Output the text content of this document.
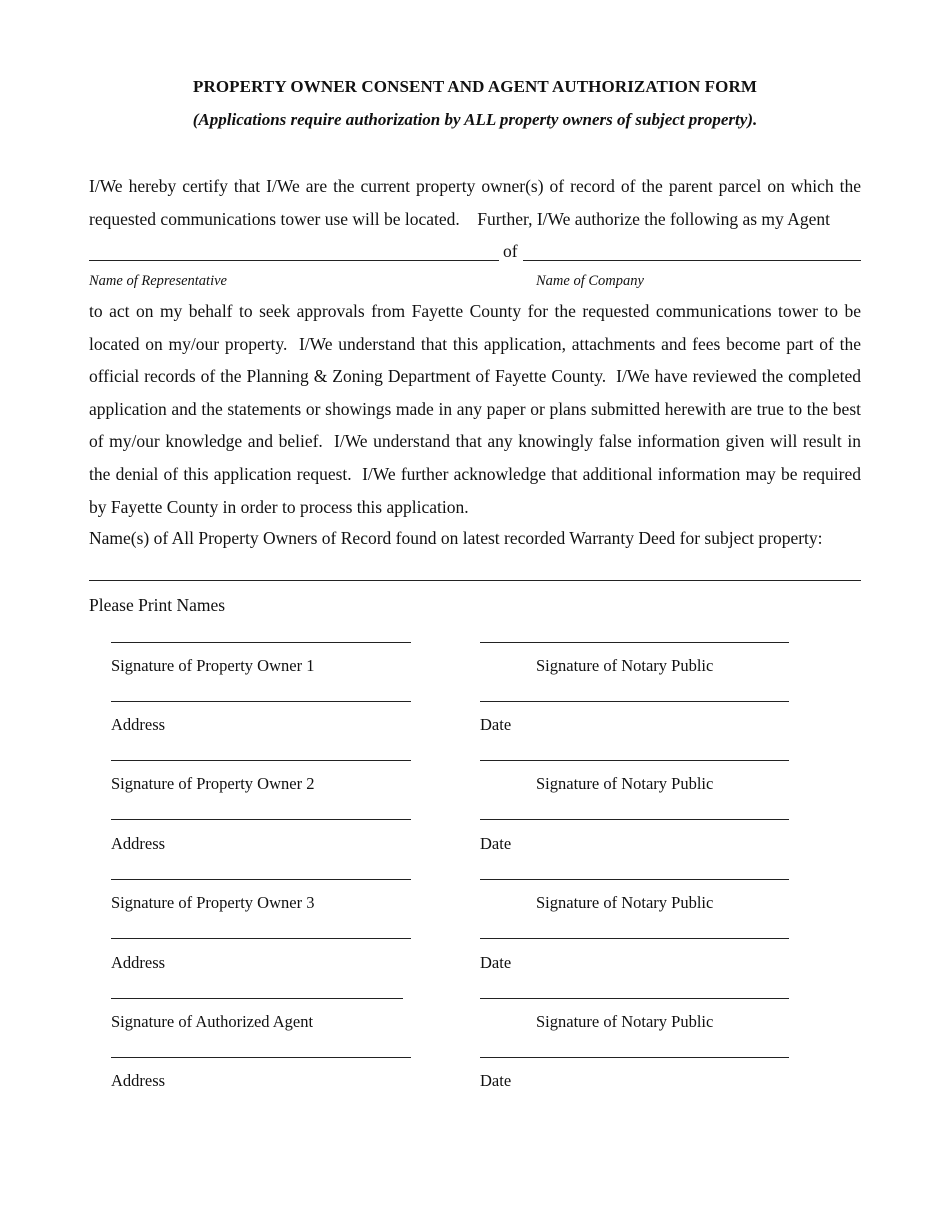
PROPERTY OWNER CONSENT AND AGENT AUTHORIZATION FORM
(Applications require authorization by ALL property owners of subject property).
I/We hereby certify that I/We are the current property owner(s) of record of the parent parcel on which the requested communications tower use will be located.    Further, I/We authorize the following as my Agent
of
Name of Representative	Name of Company
to act on my behalf to seek approvals from Fayette County for the requested communications tower to be located on my/our property.  I/We understand that this application, attachments and fees become part of the official records of the Planning & Zoning Department of Fayette County.  I/We have reviewed the completed application and the statements or showings made in any paper or plans submitted herewith are true to the best of my/our knowledge and belief.  I/We understand that any knowingly false information given will result in the denial of this application request.  I/We further acknowledge that additional information may be required by Fayette County in order to process this application.
Name(s) of All Property Owners of Record found on latest recorded Warranty Deed for subject property:
Please Print Names
Signature of Property Owner 1	Signature of Notary Public
Address	Date
Signature of Property Owner 2	Signature of Notary Public
Address	Date
Signature of Property Owner 3	Signature of Notary Public
Address	Date
Signature of Authorized Agent	Signature of Notary Public
Address	Date
